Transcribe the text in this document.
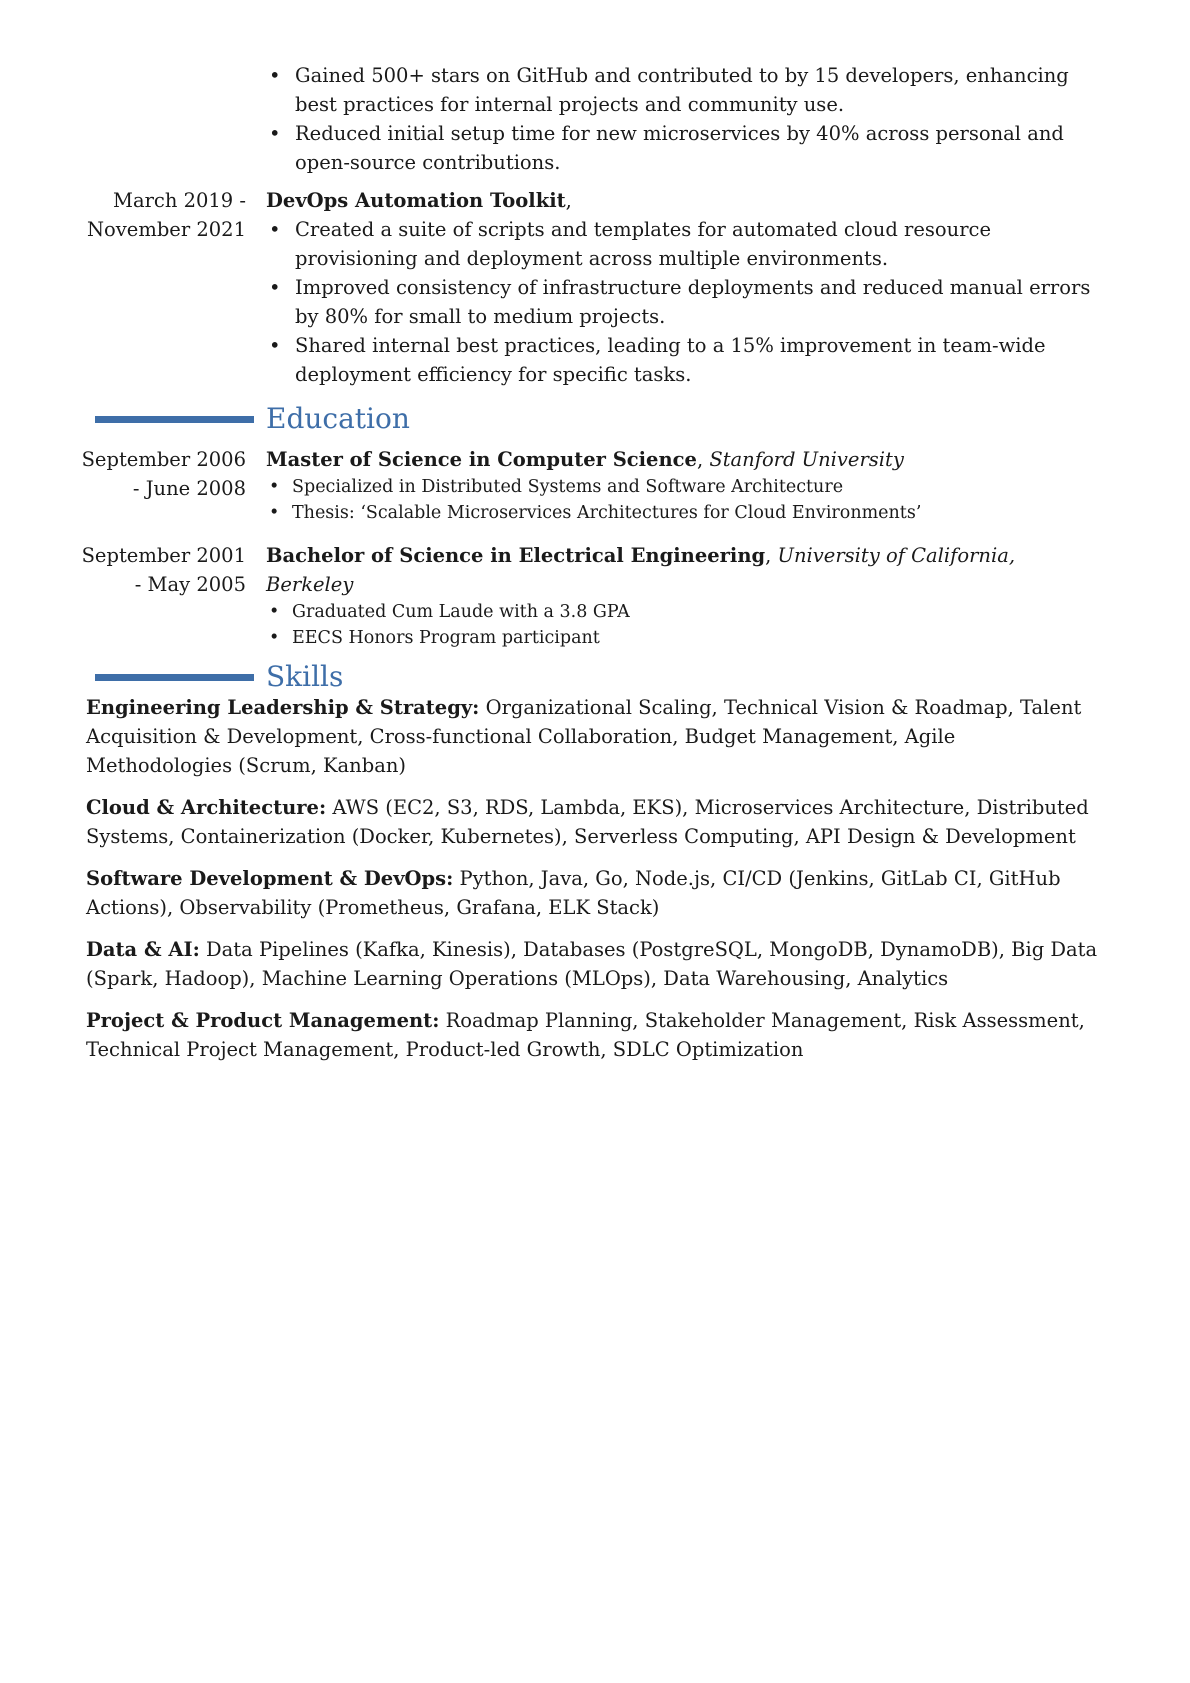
• Gained 500+ stars on GitHub and contributed to by 15 developers, enhancing best practices for internal projects and community use.
• Reduced initial setup time for new microservices by 40% across personal and open-source contributions.
March 2019 - November 2021
DevOps Automation Toolkit,
• Created a suite of scripts and templates for automated cloud resource provisioning and deployment across multiple environments.
• Improved consistency of infrastructure deployments and reduced manual errors by 80% for small to medium projects.
• Shared internal best practices, leading to a 15% improvement in team-wide deployment efficiency for specific tasks.
Education
September 2006 - June 2008
Master of Science in Computer Science, Stanford University
• Specialized in Distributed Systems and Software Architecture
• Thesis: ‘Scalable Microservices Architectures for Cloud Environments’
September 2001 - May 2005
Bachelor of Science in Electrical Engineering, University of California, Berkeley
• Graduated Cum Laude with a 3.8 GPA
• EECS Honors Program participant
Skills
Engineering Leadership & Strategy: Organizational Scaling, Technical Vision & Roadmap, Talent Acquisition & Development, Cross-functional Collaboration, Budget Management, Agile Methodologies (Scrum, Kanban)
Cloud & Architecture: AWS (EC2, S3, RDS, Lambda, EKS), Microservices Architecture, Distributed Systems, Containerization (Docker, Kubernetes), Serverless Computing, API Design & Development
Software Development & DevOps: Python, Java, Go, Node.js, CI/CD (Jenkins, GitLab CI, GitHub Actions), Observability (Prometheus, Grafana, ELK Stack)
Data & AI: Data Pipelines (Kafka, Kinesis), Databases (PostgreSQL, MongoDB, DynamoDB), Big Data (Spark, Hadoop), Machine Learning Operations (MLOps), Data Warehousing, Analytics
Project & Product Management: Roadmap Planning, Stakeholder Management, Risk Assessment, Technical Project Management, Product-led Growth, SDLC Optimization
